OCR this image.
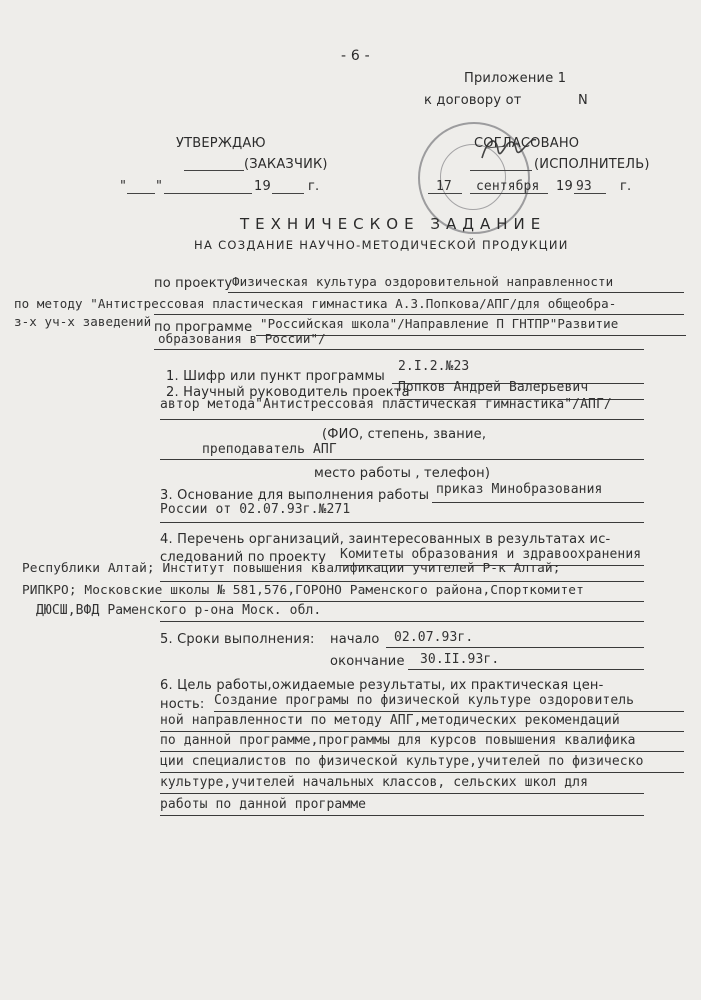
- 6 -
Приложение 1
к договору от	N
УТВЕРЖДАЮ
(ЗАКАЗЧИК)
" "	19	г.
СОГЛАСОВАНО
(ИСПОЛНИТЕЛЬ)
17 сентября 19 93 г.
ТЕХНИЧЕСКОЕ ЗАДАНИЕ
НА СОЗДАНИЕ НАУЧНО-МЕТОДИЧЕСКОЙ ПРОДУКЦИИ
по проекту Физическая культура оздоровительной направленности
по методу "Антистрессовая пластическая гимнастика А.З.Попкова/АПГ/для общеобра-
з-х уч-х заведений по программе "Российская школа"/Направление П ГНТПР"Развитие
образования в России"/
1. Шифр или пункт программы
2.I.2.№23
2. Научный руководитель проекта
Попков Андрей Валерьевич
автор метода"Антистрессовая пластическая гимнастика"/АПГ/
(ФИО, степень, звание,
преподаватель АПГ
место работы , телефон)
3. Основание для выполнения работы приказ Минобразования
России от 02.07.93г.№271
4. Перечень организаций, заинтересованных в результатах ис-
следований по проекту Комитеты образования и здравоохранения
Республики Алтай; Институт повышения квалификации учителей Р-к Алтай;
РИПКРО; Московские школы № 581,576,ГОРОНО Раменского района,Спорткомитет
ДЮСШ,ВФД Раменского р-она Моск. обл.
5. Сроки выполнения: начало 02.07.93г.
окончание 30.II.93г.
6. Цель работы,ожидаемые результаты, их практическая цен-
ность: Создание програмы по физической культуре оздоровитель
ной направленности по методу АПГ,методических рекомендаций
по данной программе,программы для курсов повышения квалифика
ции специалистов по физической культуре,учителей по физическо
культуре,учителей начальных классов, сельских школ для
работы по данной программе
